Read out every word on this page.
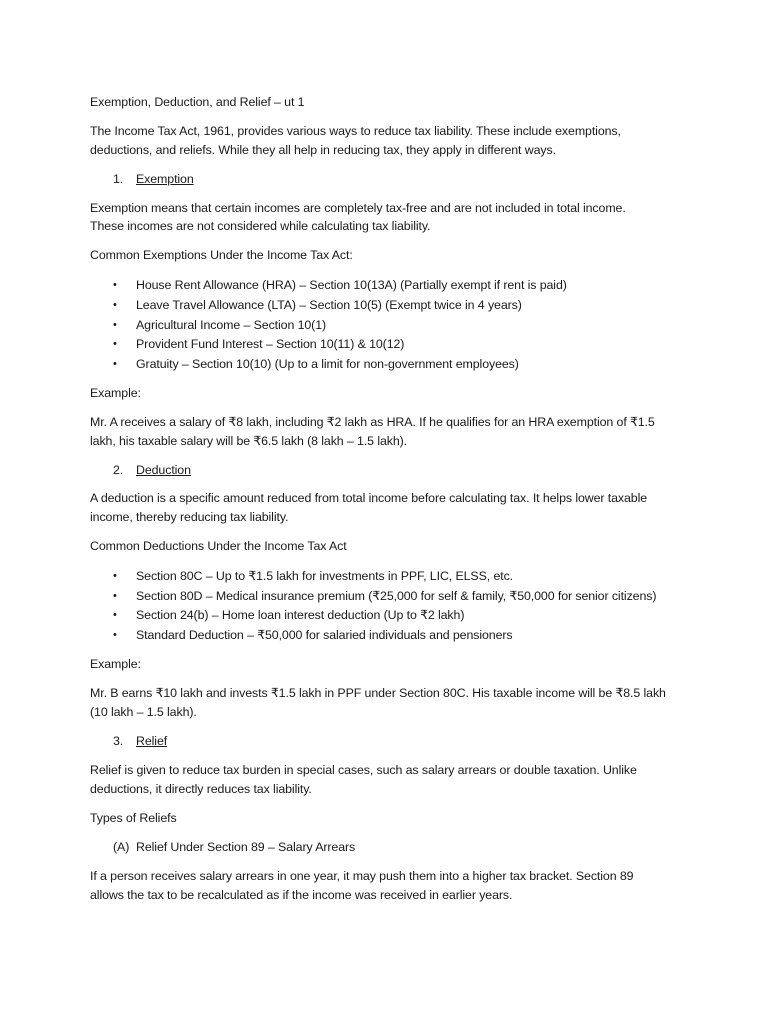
Exemption, Deduction, and Relief – ut 1
The Income Tax Act, 1961, provides various ways to reduce tax liability. These include exemptions,
deductions, and reliefs. While they all help in reducing tax, they apply in different ways.
1. Exemption
Exemption means that certain incomes are completely tax-free and are not included in total income.
These incomes are not considered while calculating tax liability.
Common Exemptions Under the Income Tax Act:
• House Rent Allowance (HRA) – Section 10(13A) (Partially exempt if rent is paid)
• Leave Travel Allowance (LTA) – Section 10(5) (Exempt twice in 4 years)
• Agricultural Income – Section 10(1)
• Provident Fund Interest – Section 10(11) & 10(12)
• Gratuity – Section 10(10) (Up to a limit for non-government employees)
Example:
Mr. A receives a salary of ₹8 lakh, including ₹2 lakh as HRA. If he qualifies for an HRA exemption of ₹1.5
lakh, his taxable salary will be ₹6.5 lakh (8 lakh – 1.5 lakh).
2. Deduction
A deduction is a specific amount reduced from total income before calculating tax. It helps lower taxable
income, thereby reducing tax liability.
Common Deductions Under the Income Tax Act
• Section 80C – Up to ₹1.5 lakh for investments in PPF, LIC, ELSS, etc.
• Section 80D – Medical insurance premium (₹25,000 for self & family, ₹50,000 for senior citizens)
• Section 24(b) – Home loan interest deduction (Up to ₹2 lakh)
• Standard Deduction – ₹50,000 for salaried individuals and pensioners
Example:
Mr. B earns ₹10 lakh and invests ₹1.5 lakh in PPF under Section 80C. His taxable income will be ₹8.5 lakh
(10 lakh – 1.5 lakh).
3. Relief
Relief is given to reduce tax burden in special cases, such as salary arrears or double taxation. Unlike
deductions, it directly reduces tax liability.
Types of Reliefs
(A) Relief Under Section 89 – Salary Arrears
If a person receives salary arrears in one year, it may push them into a higher tax bracket. Section 89
allows the tax to be recalculated as if the income was received in earlier years.
